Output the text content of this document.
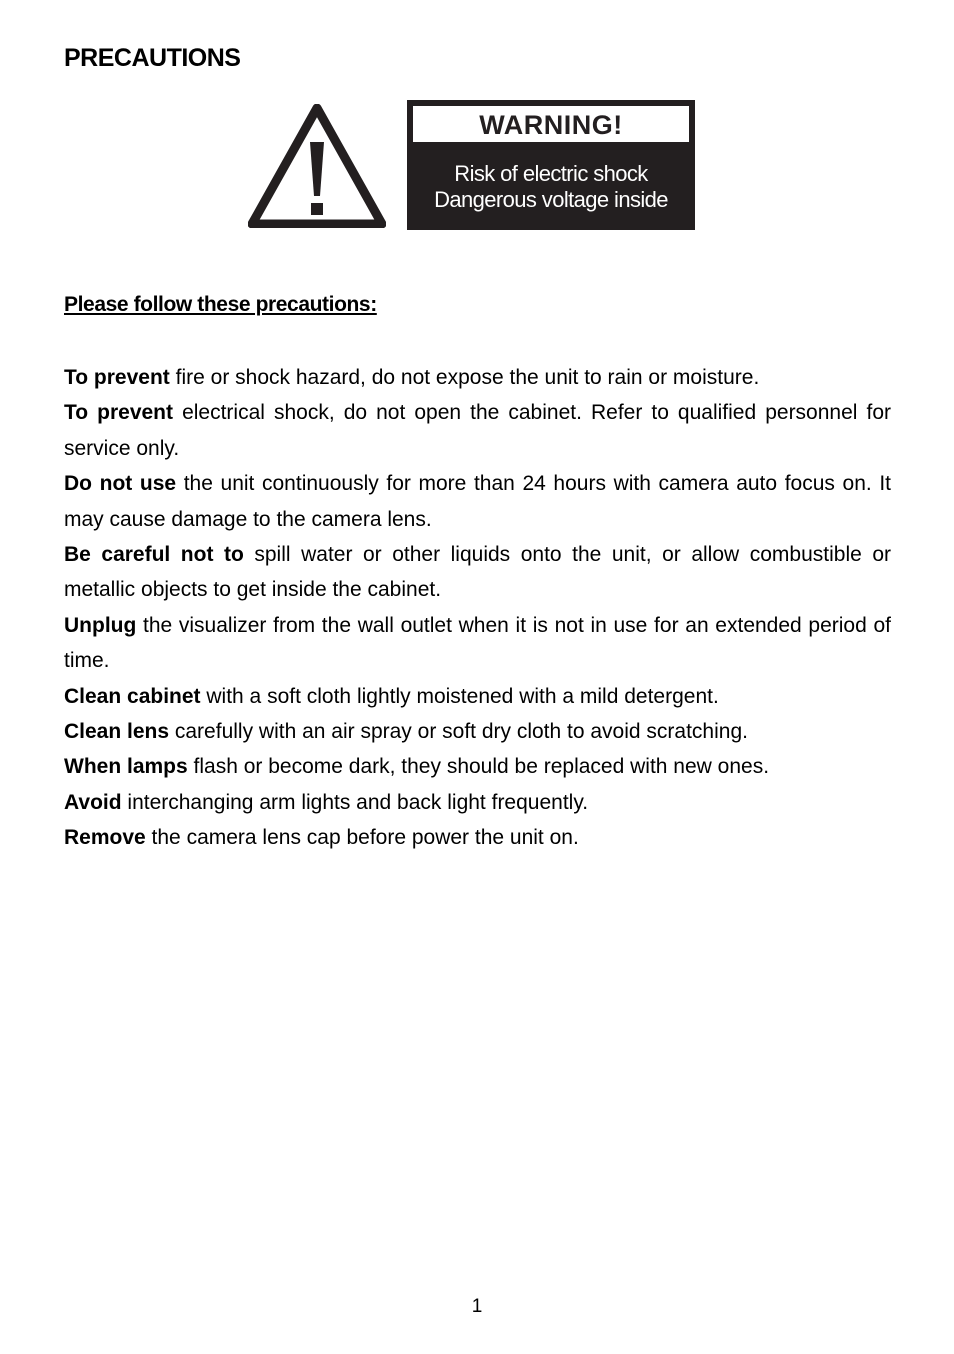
PRECAUTIONS
WARNING!
Risk of electric shock
Dangerous voltage inside

Please follow these precautions:

To prevent fire or shock hazard, do not expose the unit to rain or moisture.
To prevent electrical shock, do not open the cabinet. Refer to qualified personnel for service only.
Do not use the unit continuously for more than 24 hours with camera auto focus on. It may cause damage to the camera lens.
Be careful not to spill water or other liquids onto the unit, or allow combustible or metallic objects to get inside the cabinet.
Unplug the visualizer from the wall outlet when it is not in use for an extended period of time.
Clean cabinet with a soft cloth lightly moistened with a mild detergent.
Clean lens carefully with an air spray or soft dry cloth to avoid scratching.
When lamps flash or become dark, they should be replaced with new ones.
Avoid interchanging arm lights and back light frequently.
Remove the camera lens cap before power the unit on.
1
